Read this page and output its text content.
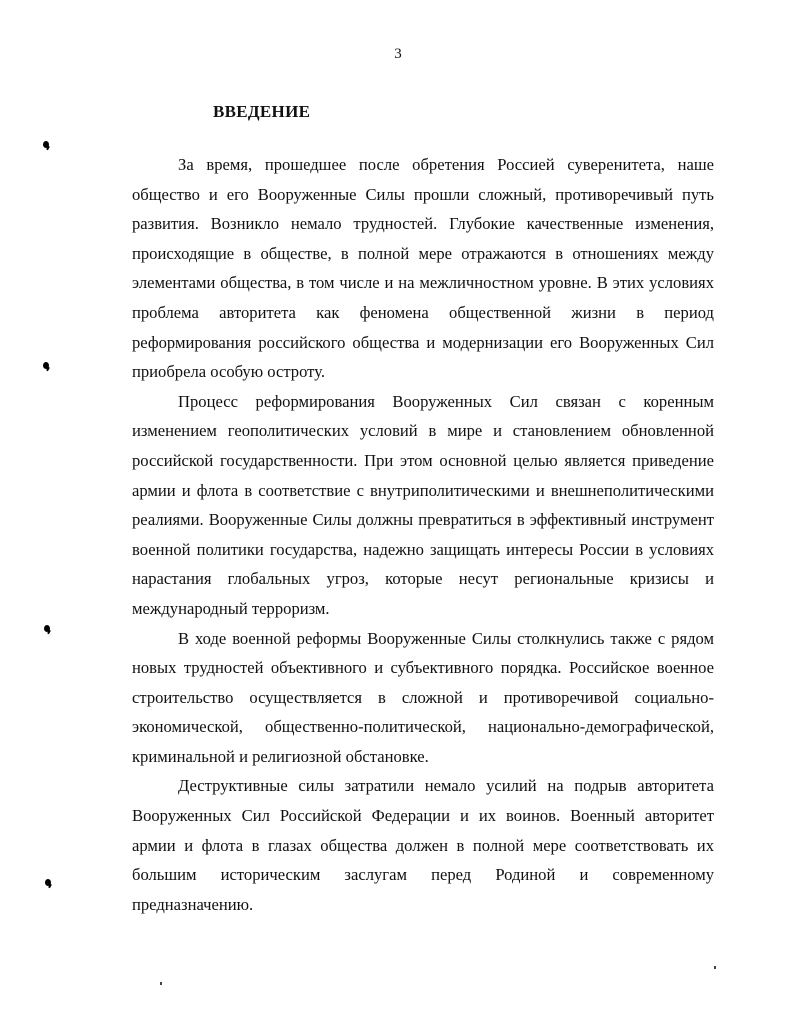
3
ВВЕДЕНИЕ

За время, прошедшее после обретения Россией суверенитета, наше общество и его Вооруженные Силы прошли сложный, противоречивый путь развития. Возникло немало трудностей. Глубокие качественные изменения, происходящие в обществе, в полной мере отражаются в отношениях между элементами общества, в том числе и на межличностном уровне. В этих условиях проблема авторитета как феномена общественной жизни в период реформирования российского общества и модернизации его Вооруженных Сил приобрела особую остроту.

Процесс реформирования Вооруженных Сил связан с коренным изменением геополитических условий в мире и становлением обновленной российской государственности. При этом основной целью является приведение армии и флота в соответствие с внутриполитическими и внешнеполитическими реалиями. Вооруженные Силы должны превратиться в эффективный инструмент военной политики государства, надежно защищать интересы России в условиях нарастания глобальных угроз, которые несут региональные кризисы и международный терроризм.

В ходе военной реформы Вооруженные Силы столкнулись также с рядом новых трудностей объективного и субъективного порядка. Российское военное строительство осуществляется в сложной и противоречивой социально-экономической, общественно-политической, национально-демографической, криминальной и религиозной обстановке.

Деструктивные силы затратили немало усилий на подрыв авторитета Вооруженных Сил Российской Федерации и их воинов. Военный авторитет армии и флота в глазах общества должен в полной мере соответствовать их большим историческим заслугам перед Родиной и современному предназначению.
